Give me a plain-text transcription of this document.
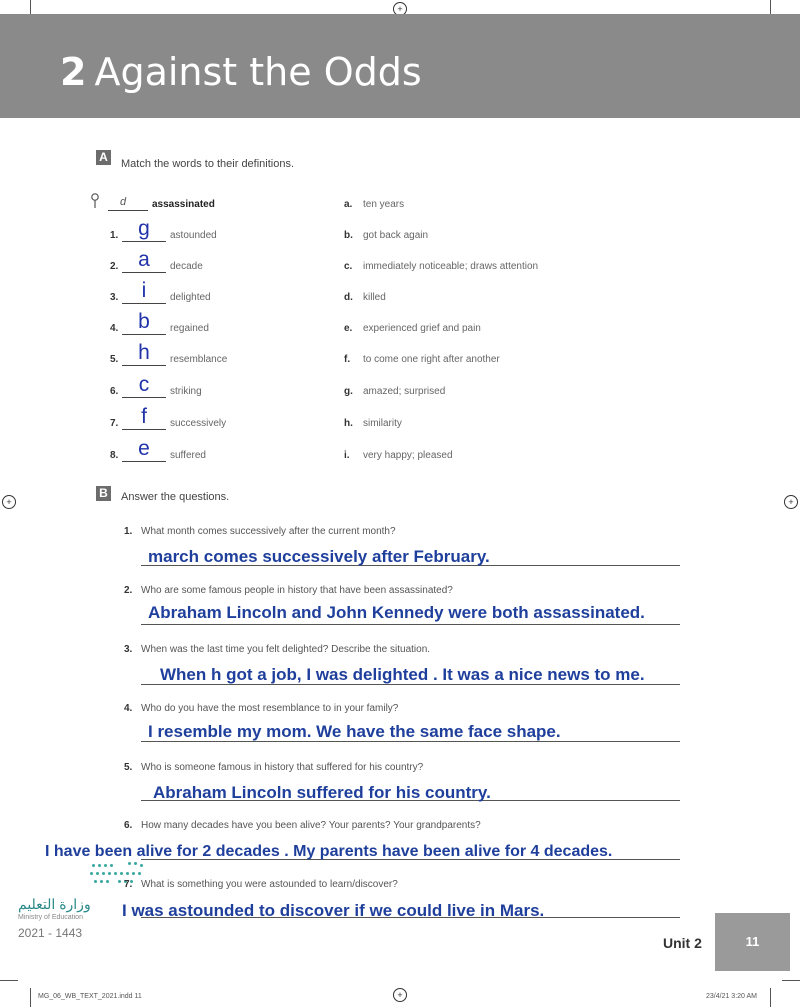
+
+	+
+
2 Against the Odds
A Match the words to their definitions.
d	assassinated
1. g	astounded
2. a	decade
3.	i	delighted
4. b	regained
5. h	resemblance
6. c	striking
7.	f	successively
8. e	suffered
a. ten years
b. got back again
c. immediately noticeable; draws attention
d. killed
e. experienced grief and pain
f. to come one right after another
g. amazed; surprised
h. similarity
i. very happy; pleased
B Answer the questions.
1. What month comes successively after the current month?
march comes successively after February.
2. Who are some famous people in history that have been assassinated?
Abraham Lincoln and John Kennedy were both assassinated.
3. When was the last time you felt delighted? Describe the situation.
When h got a job, I was delighted . It was a nice news to me.
4. Who do you have the most resemblance to in your family?
I resemble my mom. We have the same face shape.
5. Who is someone famous in history that suffered for his country?
Abraham Lincoln suffered for his country.
6. How many decades have you been alive? Your parents? Your grandparents?
I have been alive for 2 decades . My parents have been alive for 4 decades.
7. What is something you were astounded to learn/discover?
I was astounded to discover if we could live in Mars.
وزارة التعليم
Ministry of Education
2021 - 1443
Unit 2	11
MG_06_WB_TEXT_2021.indd 11	23/4/21 3:20 AM
